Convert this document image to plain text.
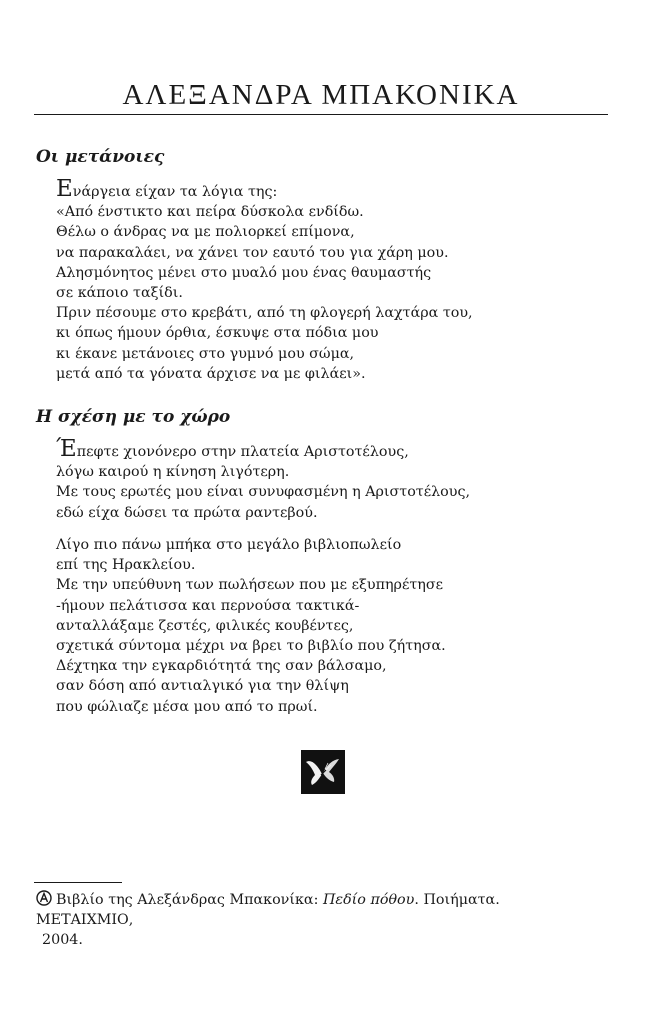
ΑΛΕΞΑΝΔΡΑ ΜΠΑΚΟΝΙΚΑ
Οι μετάνοιες
Ενάργεια είχαν τα λόγια της:
«Από ένστικτο και πείρα δύσκολα ενδίδω.
Θέλω ο άνδρας να με πολιορκεί επίμονα,
να παρακαλάει, να χάνει τον εαυτό του για χάρη μου.
Αλησμόνητος μένει στο μυαλό μου ένας θαυμαστής
σε κάποιο ταξίδι.
Πριν πέσουμε στο κρεβάτι, από τη φλογερή λαχτάρα του,
κι όπως ήμουν όρθια, έσκυψε στα πόδια μου
κι έκανε μετάνοιες στο γυμνό μου σώμα,
μετά από τα γόνατα άρχισε να με φιλάει».
Η σχέση με το χώρο
Έπεφτε χιονόνερο στην πλατεία Αριστοτέλους,
λόγω καιρού η κίνηση λιγότερη.
Με τους ερωτές μου είναι συνυφασμένη η Αριστοτέλους,
εδώ είχα δώσει τα πρώτα ραντεβού.
Λίγο πιο πάνω μπήκα στο μεγάλο βιβλιοπωλείο
επί της Ηρακλείου.
Με την υπεύθυνη των πωλήσεων που με εξυπηρέτησε
-ήμουν πελάτισσα και περνούσα τακτικά-
ανταλλάξαμε ζεστές, φιλικές κουβέντες,
σχετικά σύντομα μέχρι να βρει το βιβλίο που ζήτησα.
Δέχτηκα την εγκαρδιότητά της σαν βάλσαμο,
σαν δόση από αντιαλγικό για την θλίψη
που φώλιαζε μέσα μου από το πρωί.
Βιβλίο της Αλεξάνδρας Μπακονίκα: Πεδίο πόθου. Ποιήματα. ΜΕΤΑΙΧΜΙΟ,
2004.
